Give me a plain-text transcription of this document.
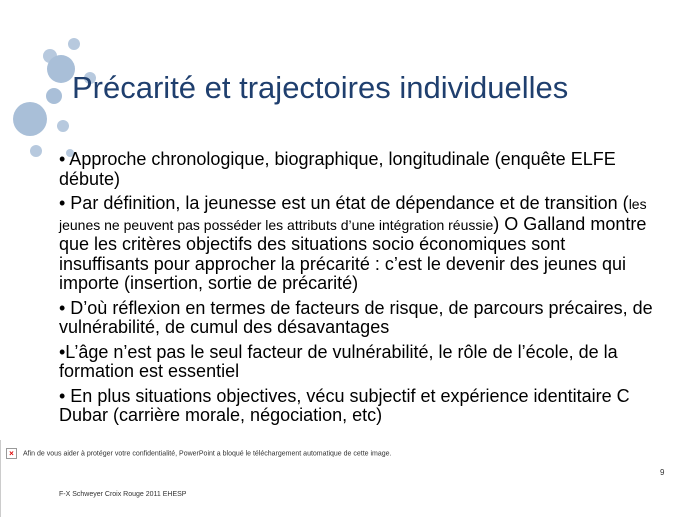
Précarité et trajectoires individuelles

• Approche chronologique, biographique, longitudinale (enquête ELFE débute)

• Par définition, la jeunesse est un état de dépendance et de transition (les jeunes ne peuvent pas posséder les attributs d’une intégration réussie) O Galland montre que les critères objectifs des situations socio économiques sont insuffisants pour approcher la précarité : c’est le devenir des jeunes qui importe (insertion, sortie de précarité)

• D’où réflexion en termes de facteurs de risque, de parcours précaires, de vulnérabilité, de cumul des désavantages

•L’âge n’est pas le seul facteur de vulnérabilité, le rôle de l’école, de la formation est essentiel

• En plus situations objectives, vécu subjectif et expérience identitaire C Dubar (carrière morale, négociation, etc)

× Afin de vous aider à protéger votre confidentialité, PowerPoint a bloqué le téléchargement automatique de cette image.
9
F-X Schweyer Croix Rouge 2011 EHESP
